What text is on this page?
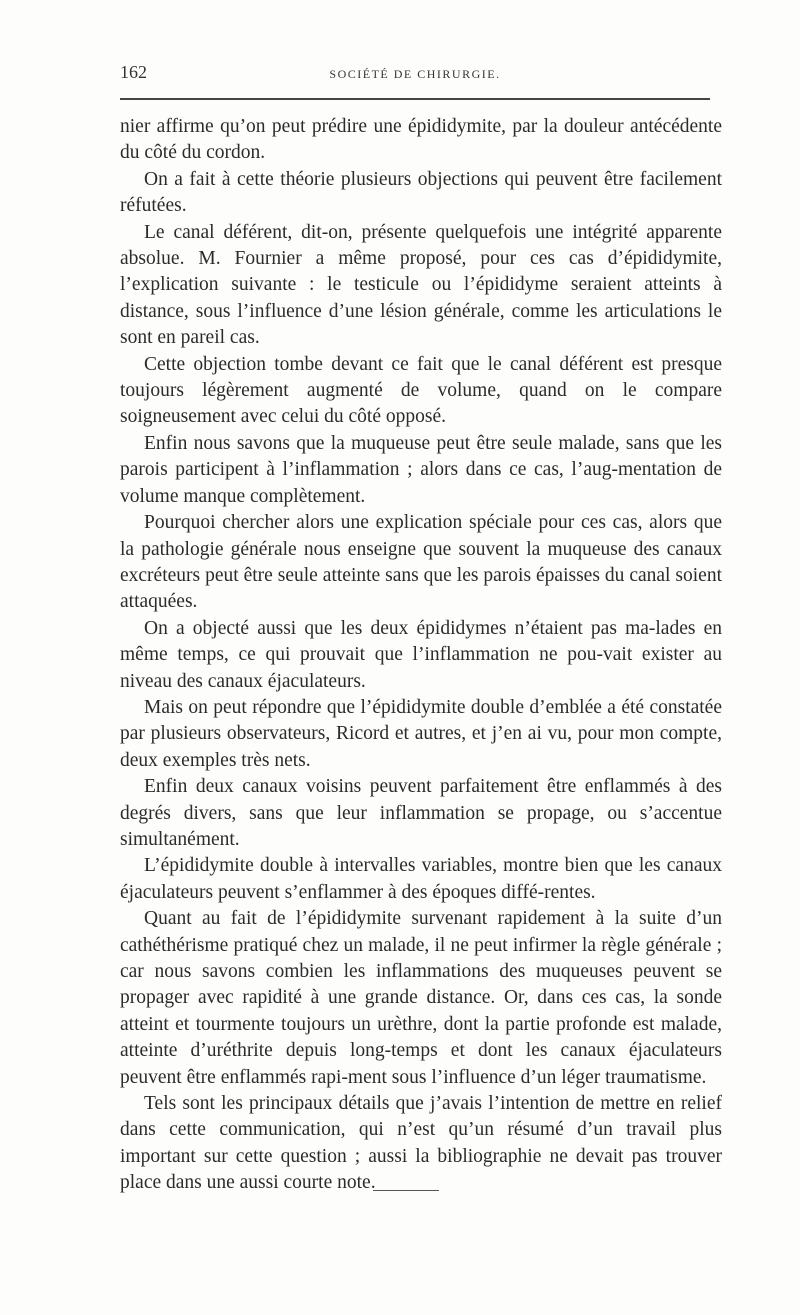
162	SOCIÉTÉ DE CHIRURGIE.

nier affirme qu’on peut prédire une épididymite, par la douleur antécédente du côté du cordon.

On a fait à cette théorie plusieurs objections qui peuvent être facilement réfutées.

Le canal déférent, dit-on, présente quelquefois une intégrité apparente absolue. M. Fournier a même proposé, pour ces cas d’épididymite, l’explication suivante : le testicule ou l’épididyme seraient atteints à distance, sous l’influence d’une lésion générale, comme les articulations le sont en pareil cas.

Cette objection tombe devant ce fait que le canal déférent est presque toujours légèrement augmenté de volume, quand on le compare soigneusement avec celui du côté opposé.

Enfin nous savons que la muqueuse peut être seule malade, sans que les parois participent à l’inflammation ; alors dans ce cas, l’aug-mentation de volume manque complètement.

Pourquoi chercher alors une explication spéciale pour ces cas, alors que la pathologie générale nous enseigne que souvent la muqueuse des canaux excréteurs peut être seule atteinte sans que les parois épaisses du canal soient attaquées.

On a objecté aussi que les deux épididymes n’étaient pas ma-lades en même temps, ce qui prouvait que l’inflammation ne pou-vait exister au niveau des canaux éjaculateurs.

Mais on peut répondre que l’épididymite double d’emblée a été constatée par plusieurs observateurs, Ricord et autres, et j’en ai vu, pour mon compte, deux exemples très nets.

Enfin deux canaux voisins peuvent parfaitement être enflammés à des degrés divers, sans que leur inflammation se propage, ou s’accentue simultanément.

L’épididymite double à intervalles variables, montre bien que les canaux éjaculateurs peuvent s’enflammer à des époques diffé-rentes.

Quant au fait de l’épididymite survenant rapidement à la suite d’un cathéthérisme pratiqué chez un malade, il ne peut infirmer la règle générale ; car nous savons combien les inflammations des muqueuses peuvent se propager avec rapidité à une grande distance. Or, dans ces cas, la sonde atteint et tourmente toujours un urèthre, dont la partie profonde est malade, atteinte d’uréthrite depuis long-temps et dont les canaux éjaculateurs peuvent être enflammés rapi-ment sous l’influence d’un léger traumatisme.

Tels sont les principaux détails que j’avais l’intention de mettre en relief dans cette communication, qui n’est qu’un résumé d’un travail plus important sur cette question ; aussi la bibliographie ne devait pas trouver place dans une aussi courte note.
